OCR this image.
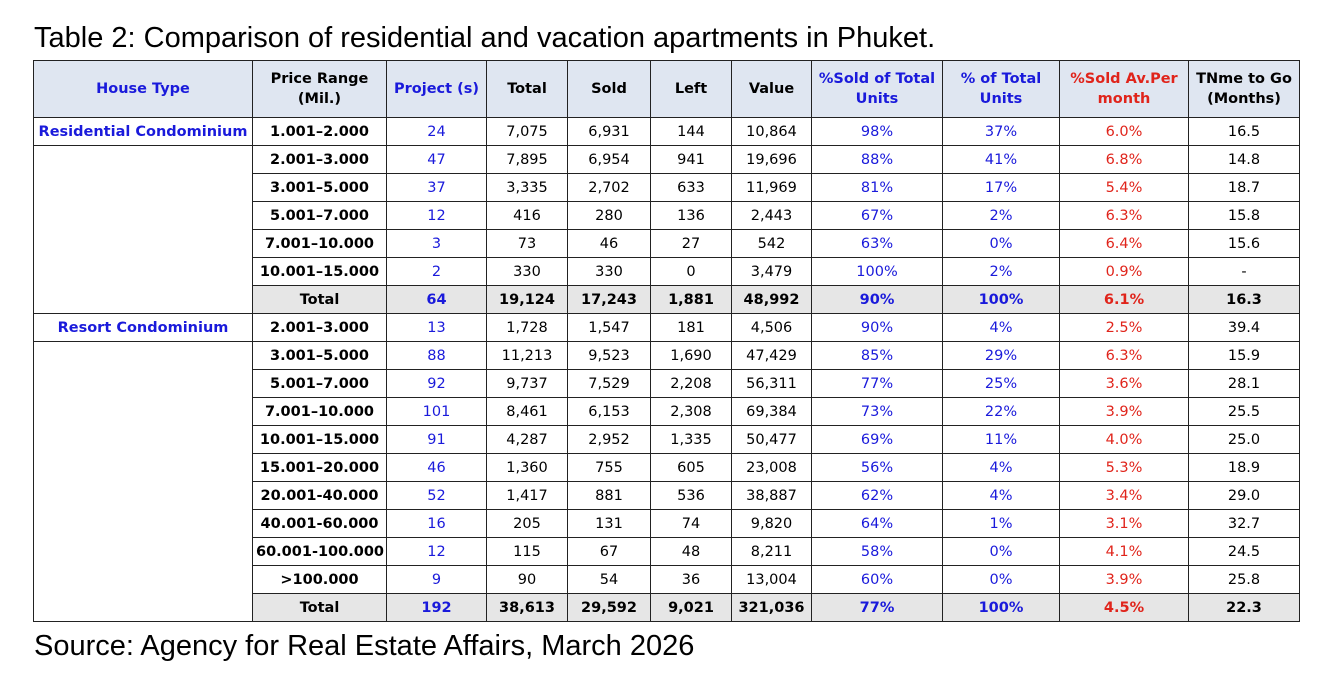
Table 2: Comparison of residential and vacation apartments in Phuket.
House Type	Price Range (Mil.)	Project (s)	Total	Sold	Left	Value	%Sold of Total Units	% of Total Units	%Sold Av.Per month	TNme to Go (Months)
Residential Condominium	1.001–2.000	24	7,075	6,931	144	10,864	98%	37%	6.0%	16.5
	2.001–3.000	47	7,895	6,954	941	19,696	88%	41%	6.8%	14.8
	3.001–5.000	37	3,335	2,702	633	11,969	81%	17%	5.4%	18.7
	5.001–7.000	12	416	280	136	2,443	67%	2%	6.3%	15.8
	7.001–10.000	3	73	46	27	542	63%	0%	6.4%	15.6
	10.001–15.000	2	330	330	0	3,479	100%	2%	0.9%	-
	Total	64	19,124	17,243	1,881	48,992	90%	100%	6.1%	16.3
Resort Condominium	2.001–3.000	13	1,728	1,547	181	4,506	90%	4%	2.5%	39.4
	3.001–5.000	88	11,213	9,523	1,690	47,429	85%	29%	6.3%	15.9
	5.001–7.000	92	9,737	7,529	2,208	56,311	77%	25%	3.6%	28.1
	7.001–10.000	101	8,461	6,153	2,308	69,384	73%	22%	3.9%	25.5
	10.001–15.000	91	4,287	2,952	1,335	50,477	69%	11%	4.0%	25.0
	15.001–20.000	46	1,360	755	605	23,008	56%	4%	5.3%	18.9
	20.001-40.000	52	1,417	881	536	38,887	62%	4%	3.4%	29.0
	40.001-60.000	16	205	131	74	9,820	64%	1%	3.1%	32.7
	60.001-100.000	12	115	67	48	8,211	58%	0%	4.1%	24.5
	>100.000	9	90	54	36	13,004	60%	0%	3.9%	25.8
	Total	192	38,613	29,592	9,021	321,036	77%	100%	4.5%	22.3
Source: Agency for Real Estate Affairs, March 2026
